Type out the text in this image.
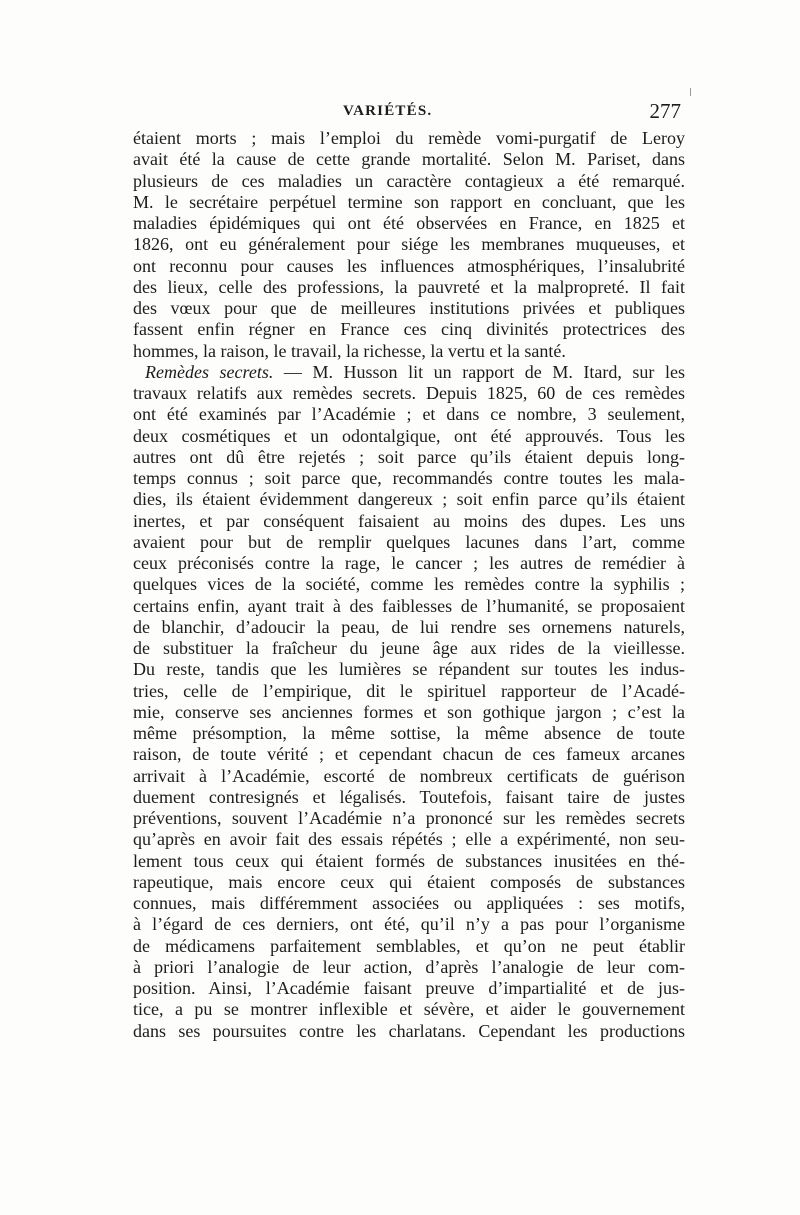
VARIÉTÉS.	277
étaient morts ; mais l’emploi du remède vomi-purgatif de Leroy
avait été la cause de cette grande mortalité. Selon M. Pariset, dans
plusieurs de ces maladies un caractère contagieux a été remarqué.
M. le secrétaire perpétuel termine son rapport en concluant, que les
maladies épidémiques qui ont été observées en France, en 1825 et
1826, ont eu généralement pour siége les membranes muqueuses, et
ont reconnu pour causes les influences atmosphériques, l’insalubrité
des lieux, celle des professions, la pauvreté et la malpropreté. Il fait
des vœux pour que de meilleures institutions privées et publiques
fassent enfin régner en France ces cinq divinités protectrices des
hommes, la raison, le travail, la richesse, la vertu et la santé.
Remèdes secrets. — M. Husson lit un rapport de M. Itard, sur les
travaux relatifs aux remèdes secrets. Depuis 1825, 60 de ces remèdes
ont été examinés par l’Académie ; et dans ce nombre, 3 seulement,
deux cosmétiques et un odontalgique, ont été approuvés. Tous les
autres ont dû être rejetés ; soit parce qu’ils étaient depuis long-
temps connus ; soit parce que, recommandés contre toutes les mala-
dies, ils étaient évidemment dangereux ; soit enfin parce qu’ils étaient
inertes, et par conséquent faisaient au moins des dupes. Les uns
avaient pour but de remplir quelques lacunes dans l’art, comme
ceux préconisés contre la rage, le cancer ; les autres de remédier à
quelques vices de la société, comme les remèdes contre la syphilis ;
certains enfin, ayant trait à des faiblesses de l’humanité, se proposaient
de blanchir, d’adoucir la peau, de lui rendre ses ornemens naturels,
de substituer la fraîcheur du jeune âge aux rides de la vieillesse.
Du reste, tandis que les lumières se répandent sur toutes les indus-
tries, celle de l’empirique, dit le spirituel rapporteur de l’Acadé-
mie, conserve ses anciennes formes et son gothique jargon ; c’est la
même présomption, la même sottise, la même absence de toute
raison, de toute vérité ; et cependant chacun de ces fameux arcanes
arrivait à l’Académie, escorté de nombreux certificats de guérison
duement contresignés et légalisés. Toutefois, faisant taire de justes
préventions, souvent l’Académie n’a prononcé sur les remèdes secrets
qu’après en avoir fait des essais répétés ; elle a expérimenté, non seu-
lement tous ceux qui étaient formés de substances inusitées en thé-
rapeutique, mais encore ceux qui étaient composés de substances
connues, mais différemment associées ou appliquées : ses motifs,
à l’égard de ces derniers, ont été, qu’il n’y a pas pour l’organisme
de médicamens parfaitement semblables, et qu’on ne peut établir
à priori l’analogie de leur action, d’après l’analogie de leur com-
position. Ainsi, l’Académie faisant preuve d’impartialité et de jus-
tice, a pu se montrer inflexible et sévère, et aider le gouvernement
dans ses poursuites contre les charlatans. Cependant les productions
